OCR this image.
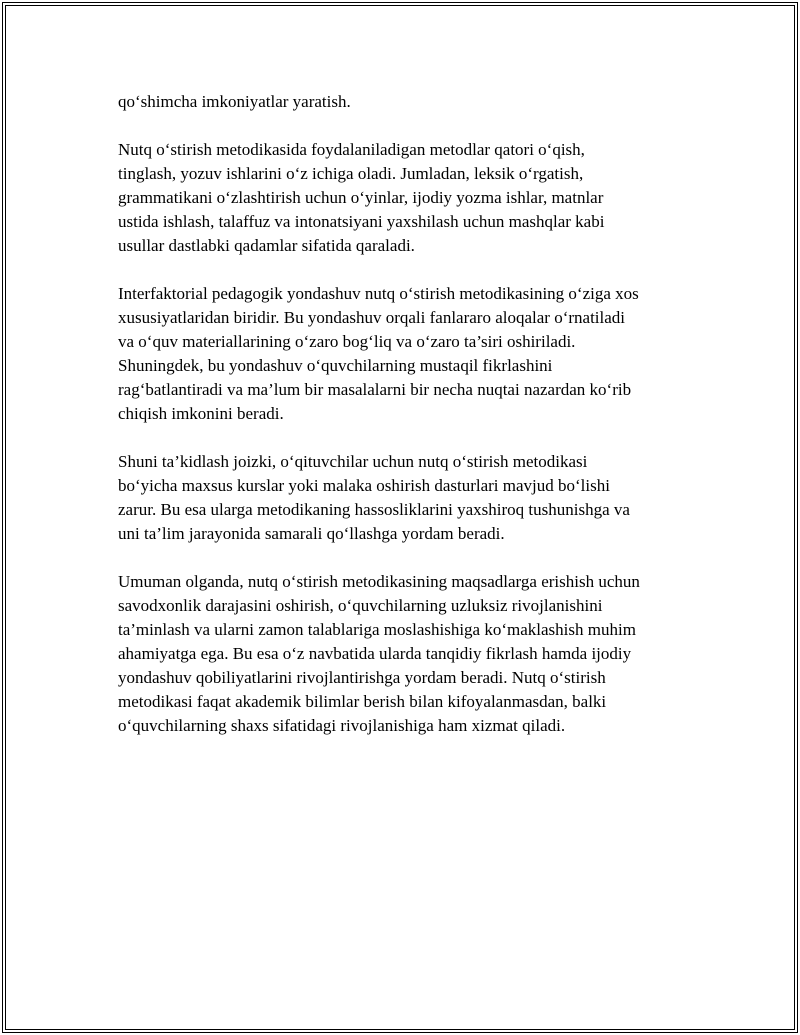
qo‘shimcha imkoniyatlar yaratish.

Nutq o‘stirish metodikasida foydalaniladigan metodlar qatori o‘qish,
tinglash, yozuv ishlarini o‘z ichiga oladi. Jumladan, leksik o‘rgatish,
grammatikani o‘zlashtirish uchun o‘yinlar, ijodiy yozma ishlar, matnlar
ustida ishlash, talaffuz va intonatsiyani yaxshilash uchun mashqlar kabi
usullar dastlabki qadamlar sifatida qaraladi.

Interfaktorial pedagogik yondashuv nutq o‘stirish metodikasining o‘ziga xos
xususiyatlaridan biridir. Bu yondashuv orqali fanlararo aloqalar o‘rnatiladi
va o‘quv materiallarining o‘zaro bog‘liq va o‘zaro ta’siri oshiriladi.
Shuningdek, bu yondashuv o‘quvchilarning mustaqil fikrlashini
rag‘batlantiradi va ma’lum bir masalalarni bir necha nuqtai nazardan ko‘rib
chiqish imkonini beradi.

Shuni ta’kidlash joizki, o‘qituvchilar uchun nutq o‘stirish metodikasi
bo‘yicha maxsus kurslar yoki malaka oshirish dasturlari mavjud bo‘lishi
zarur. Bu esa ularga metodikaning hassosliklarini yaxshiroq tushunishga va
uni ta’lim jarayonida samarali qo‘llashga yordam beradi.

Umuman olganda, nutq o‘stirish metodikasining maqsadlarga erishish uchun
savodxonlik darajasini oshirish, o‘quvchilarning uzluksiz rivojlanishini
ta’minlash va ularni zamon talablariga moslashishiga ko‘maklashish muhim
ahamiyatga ega. Bu esa o‘z navbatida ularda tanqidiy fikrlash hamda ijodiy
yondashuv qobiliyatlarini rivojlantirishga yordam beradi. Nutq o‘stirish
metodikasi faqat akademik bilimlar berish bilan kifoyalanmasdan, balki
o‘quvchilarning shaxs sifatidagi rivojlanishiga ham xizmat qiladi.
